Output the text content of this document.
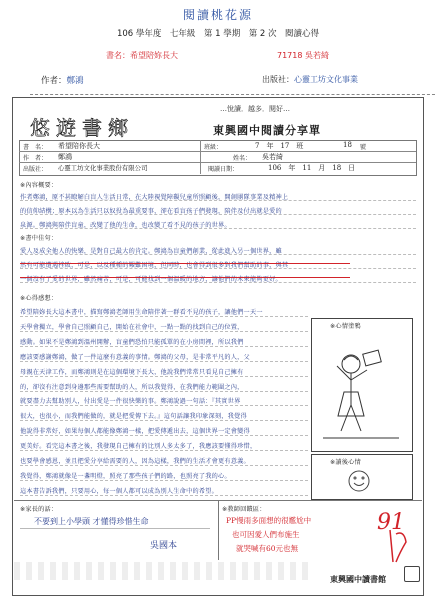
閱讀桃花源
106 學年度　七年級　第 1 學期　第 2 次　閱讀心得
書名：希望陪妳長大	71718 吳若綺
作者：鄭鴻	出版社：心靈工坊文化事業
…悅讀．越多．閱好…
悠遊書鄉	東興國中閱讀分享單
書　名： 希望陪你長大	班級：	7　年　17　班	18 號
作　者： 鄭鴻	姓名： 吳若綺
出版社： 心靈工坊文化事業股份有限公司	閱讀日期：	106　年　11　月　18　日
※內容概要：
作者鄭鴻，原不甚瞭解白盲人生活日常，在大陸視覺障礙兒童所照顧後，開創團隊事業及精神上
的信仰結構；原本以為生活只以奴役為最重要事，卻在看盲孩子們發現，陪伴及付出就是愛的
泉源。鄭鴻與陪伴盲童，改變了他的生命，也改變了看不見的孩子的世界。
※書中佳句：
愛人及成全他人的快樂，是對自己最大的肯定。鄭鴻為盲童們創業，從此進入另一個世界，雖
然有可能遭遇挫敗，可是，以及種種的艱難困境，但同時，也會得到很多對我們幫助的事，與其
一個沒有了愛的世界，雖然痛苦，可是，可能找到一個溫暖的地方，讓他們的未來能夠更好。
※心得感想：
※心情塗鴉
※讀後心情
希望陪妳長大這本書中，描寫鄭鴻老師用生命陪伴著一群看不見的孩子，讓他們一天一
天學會獨立，學會自己照顧自己，開始在社會中，一點一點的找到自己的位置，
感動。如果不是鄭鴻到溫州開辦，盲童們恐怕只能孤單的在小房間裡，所以我們
應該要感謝鄭鴻，做了一件這麼有意義的事情。鄭鴻的父母，是非常平凡的人，父
母親在天津工作，而鄭鴻則是在這個環境下長大，他說我們常常只看見自己擁有
的，卻沒有注意到身邊那些需要幫助的人，所以我覺得，在我們能力範圍之內，
就要盡力去幫助別人，付出愛是一件很快樂的事。鄭鴻說過一句話：『其實世界
很大，也很小，而我們能做的，就是把愛傳下去。』這句話讓我印象深刻，我覺得
他說得非常好，如果每個人都能像鄭鴻一樣，把愛傳遞出去，這個世界一定會變得
更美好。看完這本書之後，我發現自己擁有的比別人多太多了，我應該要懂得珍惜，
也要學會感恩，並且把愛分享給需要的人，因為這樣，我們的生活才會更有意義。
我覺得，鄭鴻就像是一盞明燈，照亮了那些孩子們的路，也照亮了我的心。
這本書告訴我們，只要用心，每一個人都可以成為別人生命中的希望。
※家長的話：
不要到上小學頭 才懂得珍惜生命
吳國本
※教師回饋區：
PP慢雨多面想的很尷尬中
也可因愛人們布施生
就哭喊有60元也無
91
東興國中讀書館
